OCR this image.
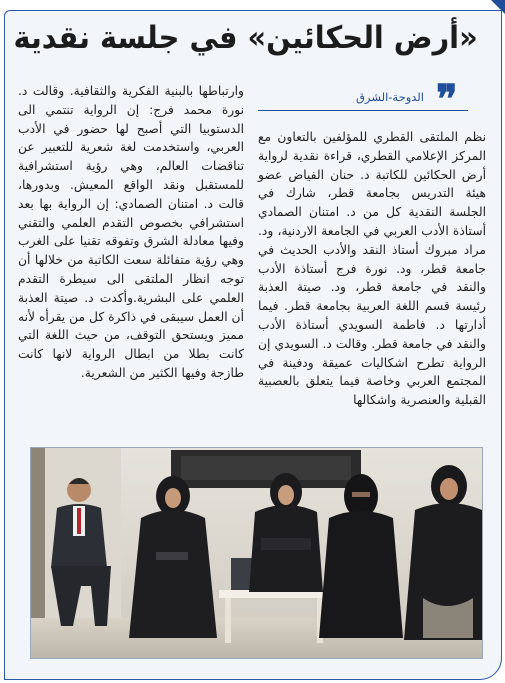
«أرض الحكائين» في جلسة نقدية
الدوحة-الشرق ❞

نظم الملتقى القطري للمؤلفين بالتعاون مع المركز الإعلامي القطري، قراءة نقدية لرواية أرض الحكائين للكاتبة د. حنان الفياض عضو هيئة التدريس بجامعة قطر، شارك في الجلسة النقدية كل من د. امتنان الصمادي أستاذة الأدب العربي في الجامعة الاردنية، ود. مراد مبروك أستاذ النقد والأدب الحديث في جامعة قطر، ود. نورة فرج أستاذة الأدب والنقد في جامعة قطر، ود. صيتة العذبة رئيسة قسم اللغة العربية بجامعة قطر. فيما أدارتها د. فاطمة السويدي أستاذة الأدب والنقد في جامعة قطر. وقالت د. السويدي إن الرواية تطرح اشكاليات عميقة ودفينة في المجتمع العربي وخاصة فيما يتعلق بالعصبية القبلية والعنصرية واشكالها

وارتباطها بالبنية الفكرية والثقافية. وقالت د. نورة محمد فرج: إن الرواية تنتمي الى الدستوبيا التي أصبح لها حضور في الأدب العربي، واستخدمت لغة شعرية للتعبير عن تناقضات العالم، وهي رؤية استشرافية للمستقبل ونقد الواقع المعيش. وبدورها، قالت د. امتنان الصمادي: إن الرواية بها بعد استشرافي بخصوص التقدم العلمي والتقني وفيها معادلة الشرق وتفوقه تقنيا على الغرب وهي رؤية متفائلة سعت الكاتبة من خلالها أن توجه انظار الملتقى الى سيطرة التقدم العلمي على البشرية.وأكدت د. صيتة العذبة أن العمل سيبقى في ذاكرة كل من يقرأه لأنه مميز ويستحق التوقف، من حيث اللغة التي كانت بطلا من ابطال الرواية لانها كانت طازجة وفيها الكثير من الشعرية.
